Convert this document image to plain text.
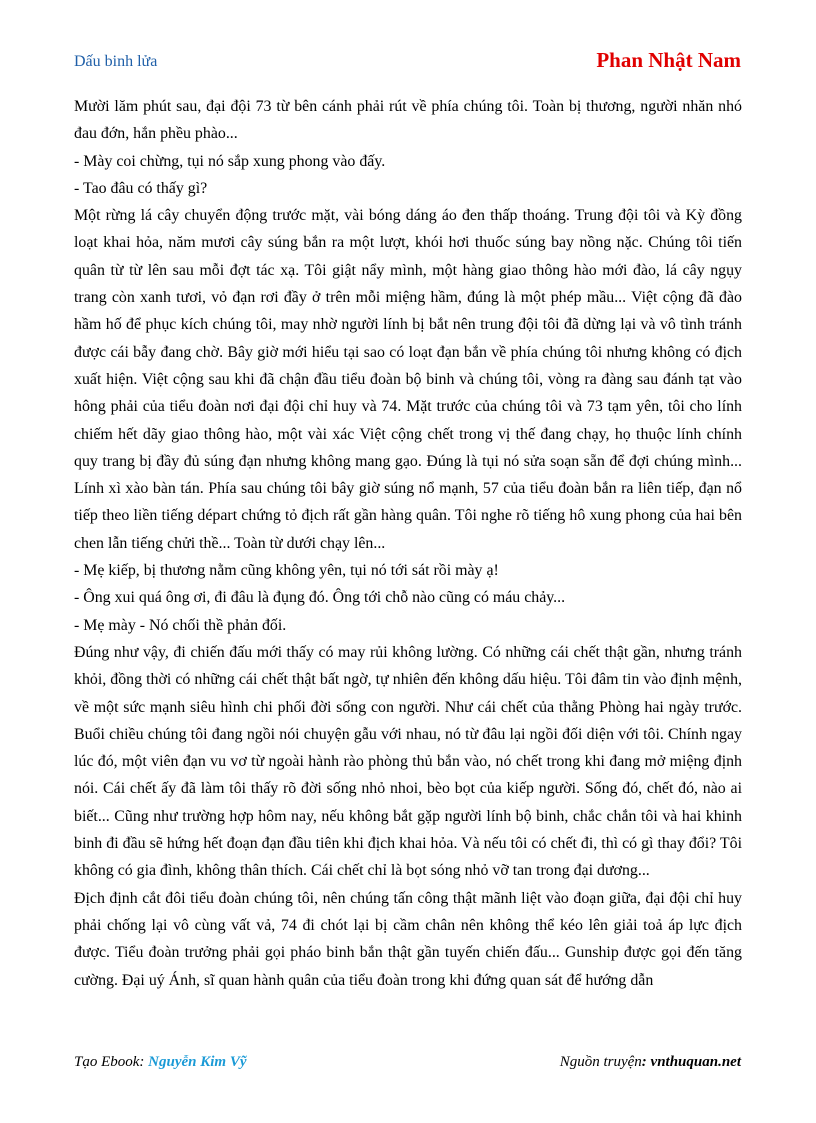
Dấu binh lửa	Phan Nhật Nam

Mười lăm phút sau, đại đội 73 từ bên cánh phải rút về phía chúng tôi. Toàn bị thương, người nhăn nhó đau đớn, hắn phều phào...

- Mày coi chừng, tụi nó sắp xung phong vào đấy.

- Tao đâu có thấy gì?

Một rừng lá cây chuyển động trước mặt, vài bóng dáng áo đen thấp thoáng. Trung đội tôi và Kỳ đồng loạt khai hỏa, năm mươi cây súng bắn ra một lượt, khói hơi thuốc súng bay nồng nặc. Chúng tôi tiến quân từ từ lên sau mỗi đợt tác xạ. Tôi giật nẩy mình, một hàng giao thông hào mới đào, lá cây ngụy trang còn xanh tươi, vỏ đạn rơi đầy ở trên mỗi miệng hầm, đúng là một phép mầu... Việt cộng đã đào hầm hố để phục kích chúng tôi, may nhờ người lính bị bắt nên trung đội tôi đã dừng lại và vô tình tránh được cái bẫy đang chờ. Bây giờ mới hiểu tại sao có loạt đạn bắn về phía chúng tôi nhưng không có địch xuất hiện. Việt cộng sau khi đã chận đầu tiểu đoàn bộ binh và chúng tôi, vòng ra đàng sau đánh tạt vào hông phải của tiểu đoàn nơi đại đội chỉ huy và 74. Mặt trước của chúng tôi và 73 tạm yên, tôi cho lính chiếm hết dãy giao thông hào, một vài xác Việt cộng chết trong vị thế đang chạy, họ thuộc lính chính quy trang bị đầy đủ súng đạn nhưng không mang gạo. Đúng là tụi nó sửa soạn sẵn để đợi chúng mình... Lính xì xào bàn tán. Phía sau chúng tôi bây giờ súng nổ mạnh, 57 của tiểu đoàn bắn ra liên tiếp, đạn nổ tiếp theo liền tiếng départ chứng tỏ địch rất gần hàng quân. Tôi nghe rõ tiếng hô xung phong của hai bên chen lẫn tiếng chửi thề... Toàn từ dưới chạy lên...

- Mẹ kiếp, bị thương nằm cũng không yên, tụi nó tới sát rồi mày ạ!

- Ông xui quá ông ơi, đi đâu là đụng đó. Ông tới chỗ nào cũng có máu chảy...

- Mẹ mày - Nó chối thề phản đối.

Đúng như vậy, đi chiến đấu mới thấy có may rủi không lường. Có những cái chết thật gần, nhưng tránh khỏi, đồng thời có những cái chết thật bất ngờ, tự nhiên đến không dấu hiệu. Tôi đâm tin vào định mệnh, về một sức mạnh siêu hình chi phối đời sống con người. Như cái chết của thằng Phòng hai ngày trước. Buổi chiều chúng tôi đang ngồi nói chuyện gẫu với nhau, nó từ đâu lại ngồi đối diện với tôi. Chính ngay lúc đó, một viên đạn vu vơ từ ngoài hành rào phòng thủ bắn vào, nó chết trong khi đang mở miệng định nói. Cái chết ấy đã làm tôi thấy rõ đời sống nhỏ nhoi, bèo bọt của kiếp người. Sống đó, chết đó, nào ai biết... Cũng như trường hợp hôm nay, nếu không bắt gặp người lính bộ binh, chắc chắn tôi và hai khinh binh đi đầu sẽ hứng hết đoạn đạn đầu tiên khi địch khai hỏa. Và nếu tôi có chết đi, thì có gì thay đổi? Tôi không có gia đình, không thân thích. Cái chết chỉ là bọt sóng nhỏ vỡ tan trong đại dương...

Địch định cắt đôi tiểu đoàn chúng tôi, nên chúng tấn công thật mãnh liệt vào đoạn giữa, đại đội chỉ huy phải chống lại vô cùng vất vả, 74 đi chót lại bị cầm chân nên không thể kéo lên giải toả áp lực địch được. Tiểu đoàn trưởng phải gọi pháo binh bắn thật gần tuyến chiến đấu... Gunship được gọi đến tăng cường. Đại uý Ánh, sĩ quan hành quân của tiểu đoàn trong khi đứng quan sát để hướng dẫn

Tạo Ebook: Nguyễn Kim Vỹ	Nguồn truyện: vnthuquan.net
